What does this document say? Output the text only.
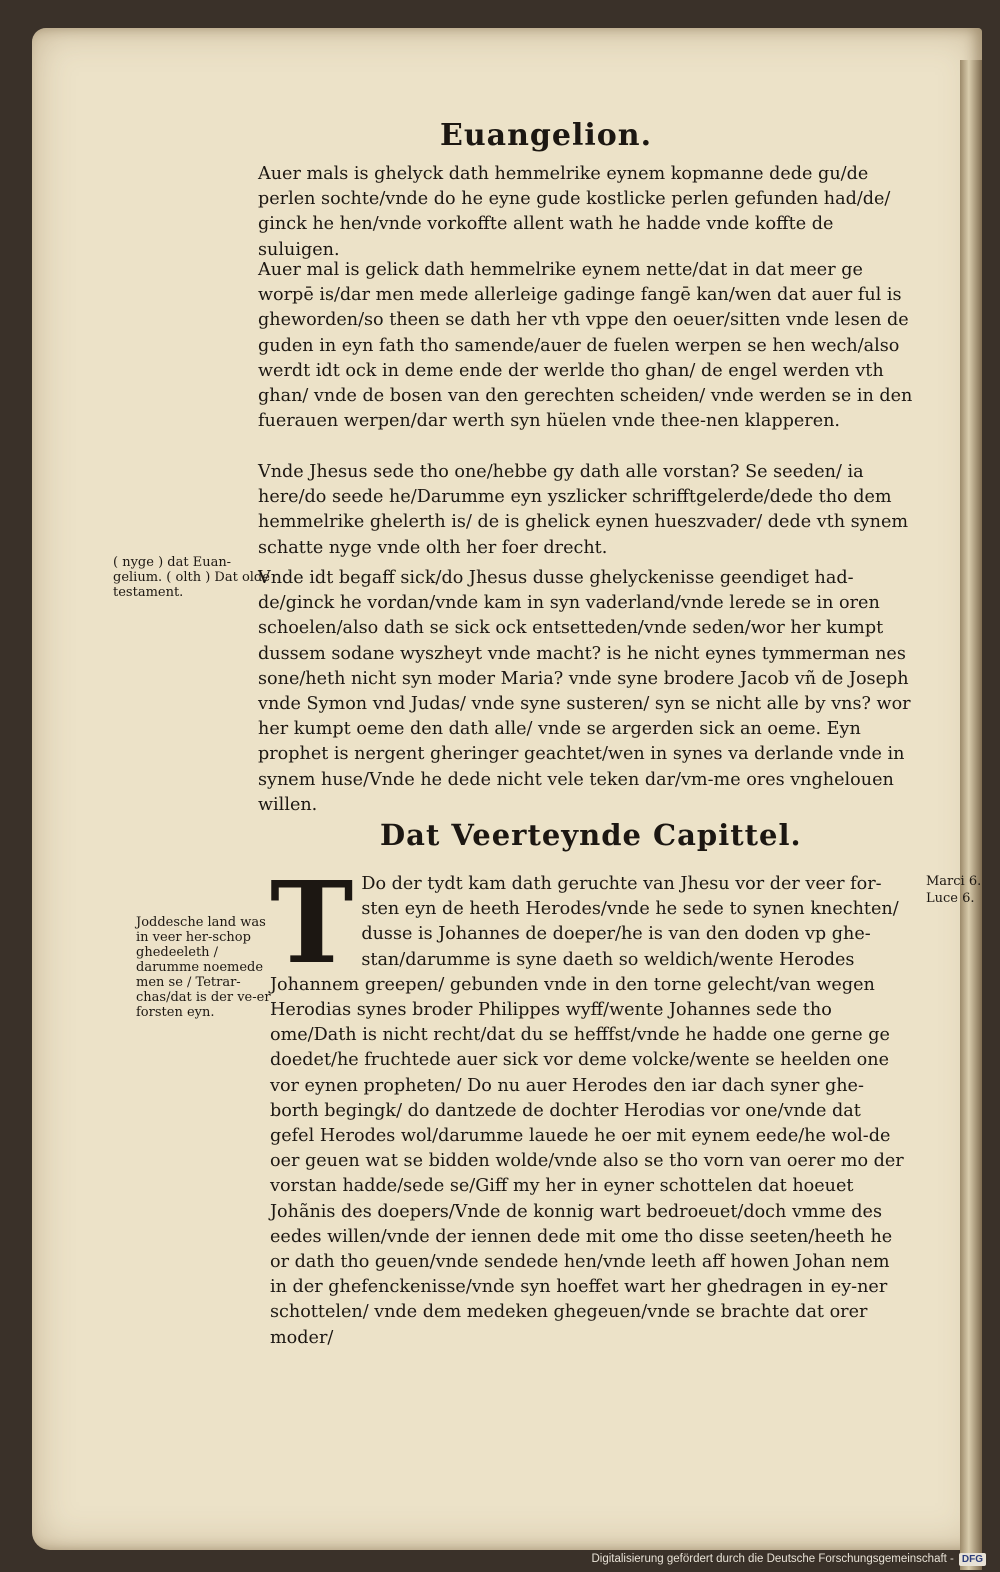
Euangelion.
Auer mals is ghelyck dath hemmelrike eynem kopmanne dede gu/de perlen sochte/vnde do he eyne gude kostlicke perlen gefunden had/de/ ginck he hen/vnde vorkoffte allent wath he hadde vnde koffte de suluigen.
Auer mal is gelick dath hemmelrike eynem nette/dat in dat meer ge worpē is/dar men mede allerleige gadinge fangē kan/wen dat auer ful is gheworden/so theen se dath her vth vppe den oeuer/sitten vnde lesen de guden in eyn fath tho samende/auer de fuelen werpen se hen wech/also werdt idt ock in deme ende der werlde tho ghan/ de engel werden vth ghan/ vnde de bosen van den gerechten scheiden/ vnde werden se in den fuerauen werpen/dar werth syn hüelen vnde thee-nen klapperen.
Vnde Jhesus sede tho one/hebbe gy dath alle vorstan? Se seeden/ ia here/do seede he/Darumme eyn yszlicker schrifftgelerde/dede tho dem hemmelrike ghelerth is/ de is ghelick eynen hueszvader/ dede vth synem schatte nyge vnde olth her foer drecht.
Vnde idt begaff sick/do Jhesus dusse ghelyckenisse geendiget had-de/ginck he vordan/vnde kam in syn vaderland/vnde lerede se in oren schoelen/also dath se sick ock entsetteden/vnde seden/wor her kumpt dussem sodane wyszheyt vnde macht? is he nicht eynes tymmerman nes sone/heth nicht syn moder Maria? vnde syne brodere Jacob vñ de Joseph vnde Symon vnd Judas/ vnde syne susteren/ syn se nicht alle by vns? wor her kumpt oeme den dath alle/ vnde se argerden sick an oeme. Eyn prophet is nergent gheringer geachtet/wen in synes va derlande vnde in synem huse/Vnde he dede nicht vele teken dar/vm-me ores vnghelouen willen.
( nyge ) dat Euan-gelium. ( olth ) Dat olde testament.
Dat Veerteynde Capittel.
T Do der tydt kam dath geruchte van Jhesu vor der veer for-sten eyn de heeth Herodes/vnde he sede to synen knechten/ dusse is Johannes de doeper/he is van den doden vp ghe-stan/darumme is syne daeth so weldich/wente Herodes Johannem greepen/ gebunden vnde in den torne gelecht/van wegen Herodias synes broder Philippes wyff/wente Johannes sede tho ome/Dath is nicht recht/dat du se hefffst/vnde he hadde one gerne ge doedet/he fruchtede auer sick vor deme volcke/wente se heelden one vor eynen propheten/ Do nu auer Herodes den iar dach syner ghe-borth begingk/ do dantzede de dochter Herodias vor one/vnde dat gefel Herodes wol/darumme lauede he oer mit eynem eede/he wol-de oer geuen wat se bidden wolde/vnde also se tho vorn van oerer mo der vorstan hadde/sede se/Giff my her in eyner schottelen dat hoeuet Johãnis des doepers/Vnde de konnig wart bedroeuet/doch vmme des eedes willen/vnde der iennen dede mit ome tho disse seeten/heeth he or dath tho geuen/vnde sendede hen/vnde leeth aff howen Johan nem in der ghefenckenisse/vnde syn hoeffet wart her ghedragen in ey-ner schottelen/ vnde dem medeken ghegeuen/vnde se brachte dat orer moder/
Joddesche land was in veer her-schop ghedeeleth / darumme noemede men se / Tetrar-chas/dat is der ve-er forsten eyn.
Marci 6.
Luce 6.
Digitalisierung gefördert durch die Deutsche Forschungsgemeinschaft - DFG
